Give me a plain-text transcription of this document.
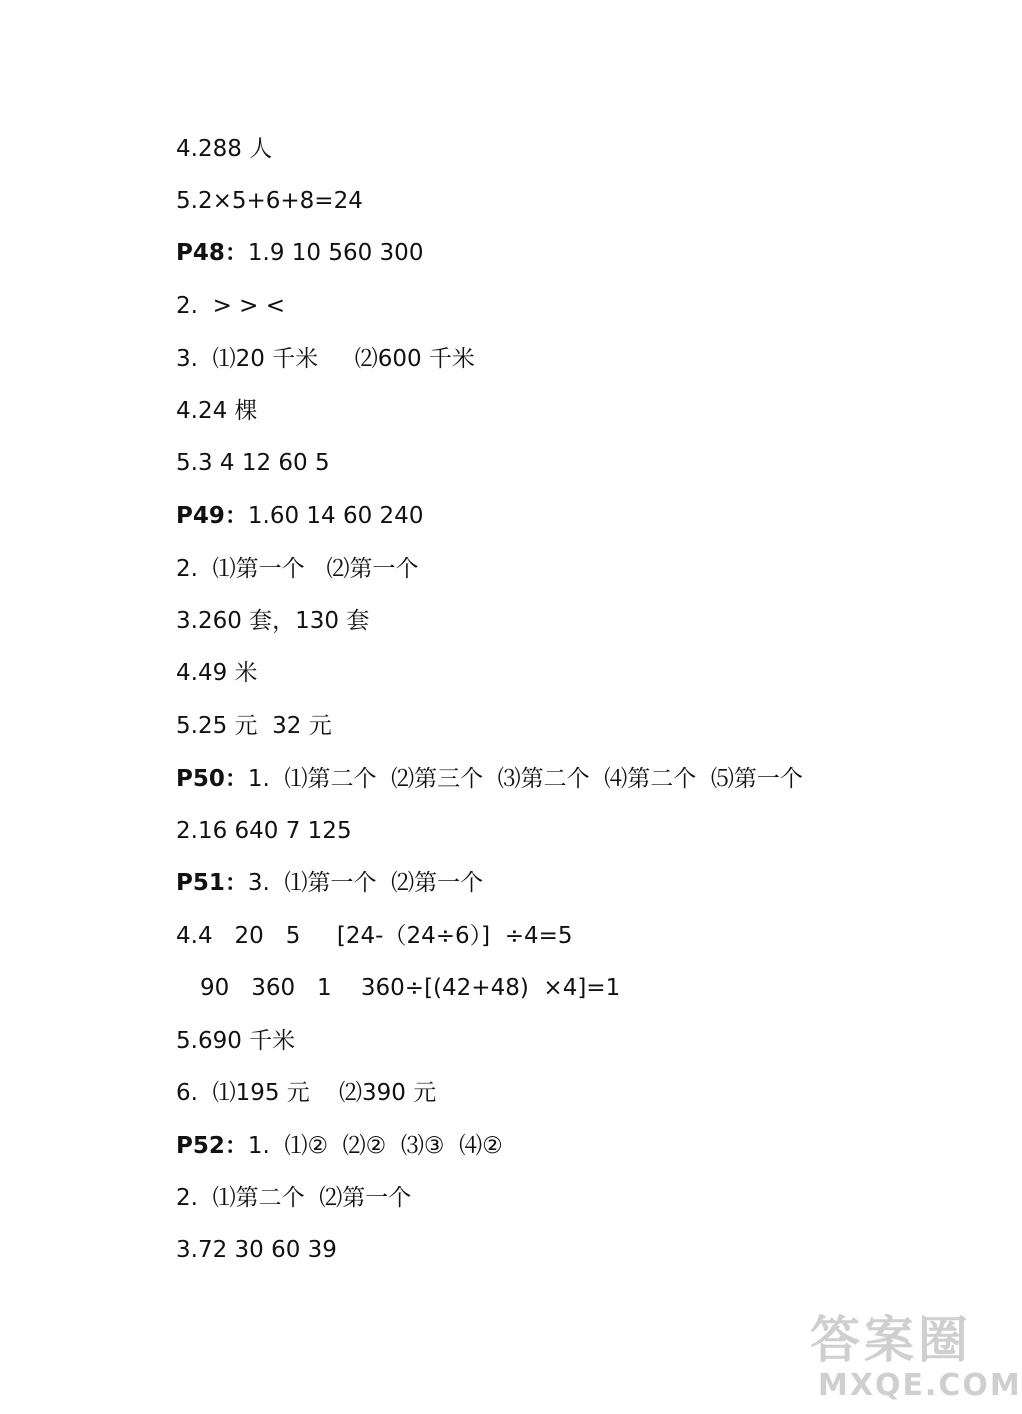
4.288 人
5.2×5+6+8=24
P48：1.9 10 560 300
2.  > > <
3.  ⑴20 千米     ⑵600 千米
4.24 棵
5.3 4 12 60 5
P49：1.60 14 60 240
2.  ⑴第一个   ⑵第一个
3.260 套，130 套
4.49 米
5.25 元  32 元
P50：1.  ⑴第二个  ⑵第三个  ⑶第二个  ⑷第二个  ⑸第一个
2.16 640 7 125
P51：3.  ⑴第一个  ⑵第一个
4.4   20   5     [24-（24÷6）]  ÷4=5
90   360   1    360÷[(42+48)  ×4]=1
5.690 千米
6.  ⑴195 元    ⑵390 元
P52：1.  ⑴②  ⑵②  ⑶③  ⑷②
2.  ⑴第二个  ⑵第一个
3.72 30 60 39
答案圈
MXQE.COM
